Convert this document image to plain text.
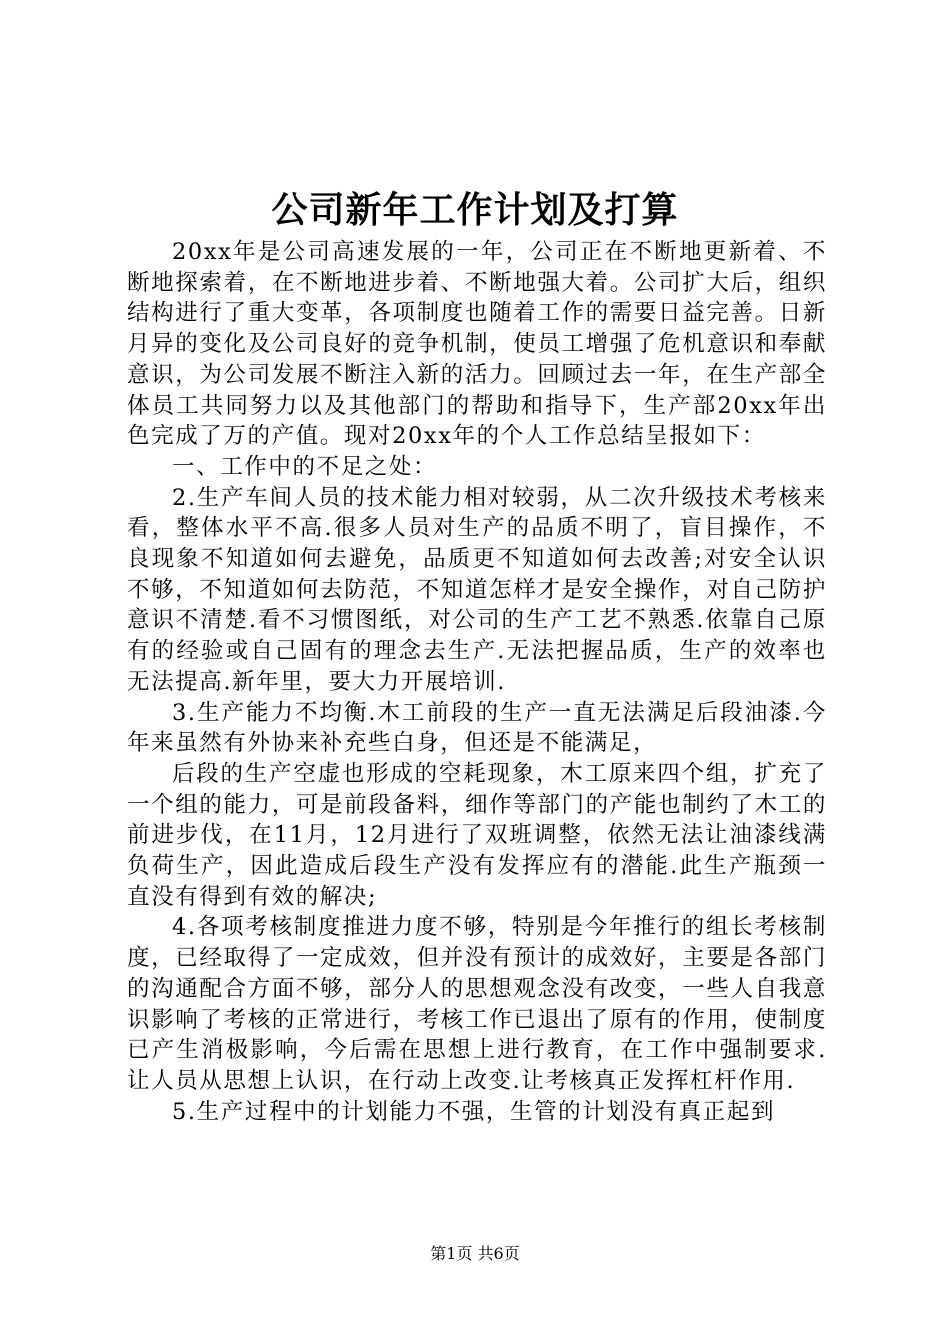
公司新年工作计划及打算

20xx年是公司高速发展的一年，公司正在不断地更新着、不断地探索着，在不断地进步着、不断地强大着。公司扩大后，组织结构进行了重大变革，各项制度也随着工作的需要日益完善。日新月异的变化及公司良好的竞争机制，使员工增强了危机意识和奉献意识，为公司发展不断注入新的活力。回顾过去一年，在生产部全体员工共同努力以及其他部门的帮助和指导下，生产部20xx年出色完成了万的产值。现对20xx年的个人工作总结呈报如下：

一、工作中的不足之处：

2.生产车间人员的技术能力相对较弱，从二次升级技术考核来看，整体水平不高.很多人员对生产的品质不明了，盲目操作，不良现象不知道如何去避免，品质更不知道如何去改善;对安全认识不够，不知道如何去防范，不知道怎样才是安全操作，对自己防护意识不清楚.看不习惯图纸，对公司的生产工艺不熟悉.依靠自己原有的经验或自己固有的理念去生产.无法把握品质，生产的效率也无法提高.新年里，要大力开展培训.

3.生产能力不均衡.木工前段的生产一直无法满足后段油漆.今年来虽然有外协来补充些白身，但还是不能满足，

后段的生产空虚也形成的空耗现象，木工原来四个组，扩充了一个组的能力，可是前段备料，细作等部门的产能也制约了木工的前进步伐，在11月，12月进行了双班调整，依然无法让油漆线满负荷生产，因此造成后段生产没有发挥应有的潜能.此生产瓶颈一直没有得到有效的解决;

4.各项考核制度推进力度不够，特别是今年推行的组长考核制度，已经取得了一定成效，但并没有预计的成效好，主要是各部门的沟通配合方面不够，部分人的思想观念没有改变，一些人自我意识影响了考核的正常进行，考核工作已退出了原有的作用，使制度已产生消极影响，今后需在思想上进行教育，在工作中强制要求.让人员从思想上认识，在行动上改变.让考核真正发挥杠杆作用.

5.生产过程中的计划能力不强，生管的计划没有真正起到

第1页 共6页
